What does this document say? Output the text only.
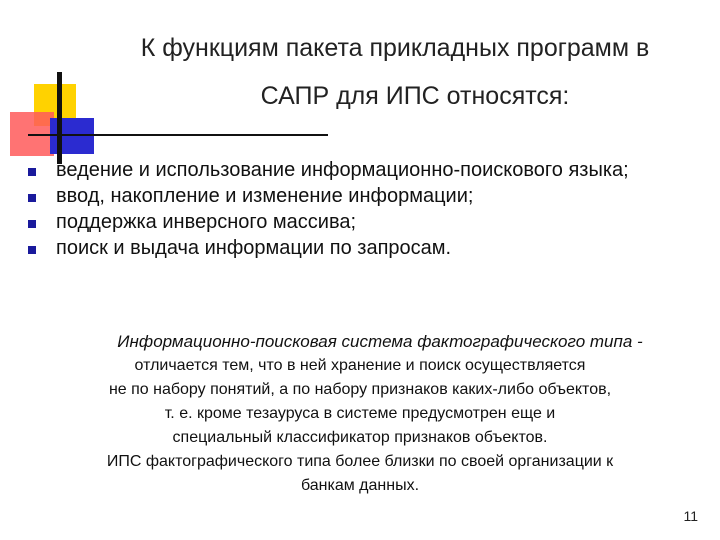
К функциям пакета прикладных программ в
САПР для ИПС относятся:
ведение и использование информационно-поискового языка;
ввод, накопление и изменение информации;
поддержка инверсного массива;
поиск и выдача информации по запросам.
Информационно-поисковая система фактографического типа -
отличается тем, что в ней хранение и поиск осуществляется
не по набору понятий, а по набору признаков каких-либо объектов,
т. е. кроме тезауруса в системе предусмотрен еще и
специальный классификатор признаков объектов.
ИПС фактографического типа более близки по своей организации к
банкам данных.
11
